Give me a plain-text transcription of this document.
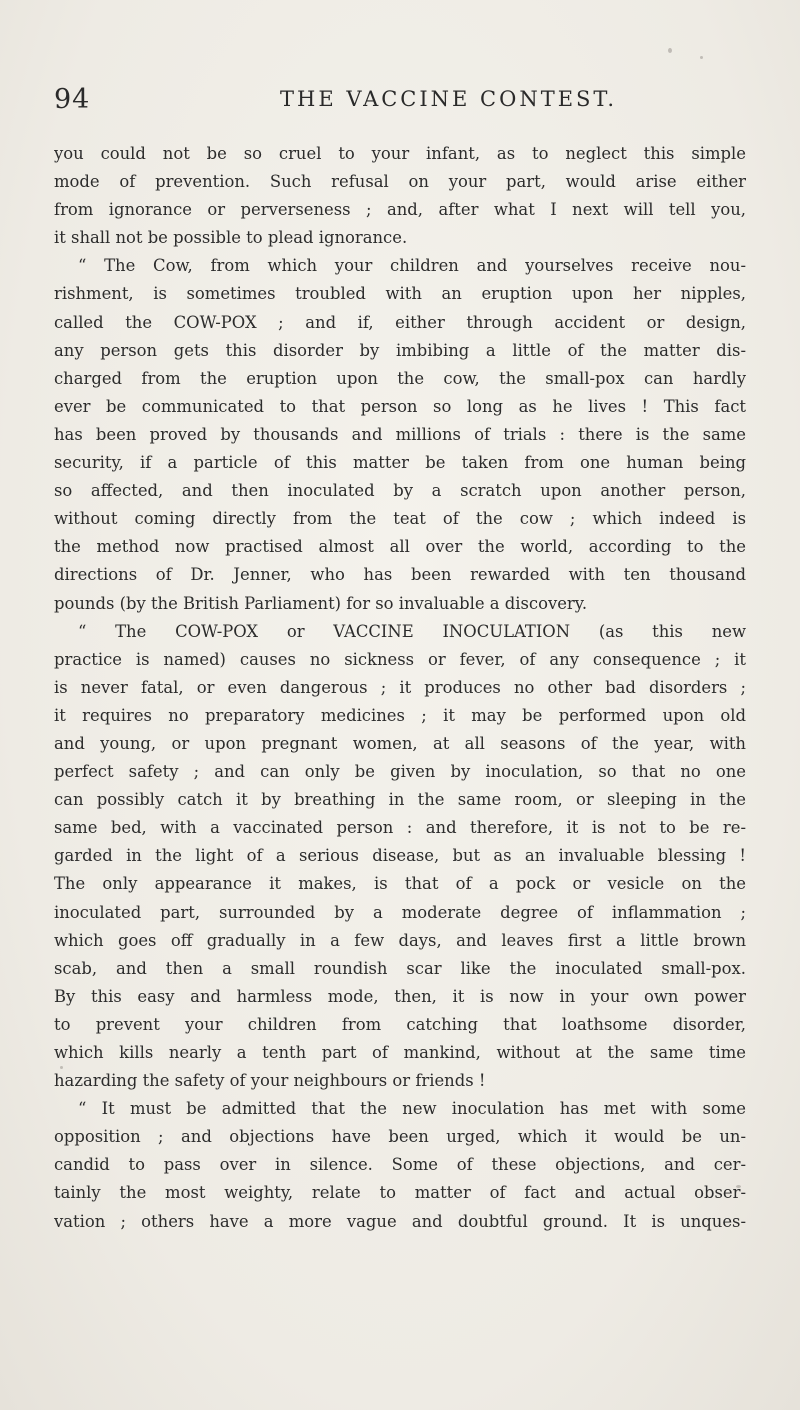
94	THE VACCINE CONTEST.
you could not be so cruel to your infant, as to neglect this simple
mode of prevention. Such refusal on your part, would arise either
from ignorance or perverseness ; and, after what I next will tell you,
it shall not be possible to plead ignorance.
“ The Cow, from which your children and yourselves receive nou-
rishment, is sometimes troubled with an eruption upon her nipples,
called the COW-POX ; and if, either through accident or design,
any person gets this disorder by imbibing a little of the matter dis-
charged from the eruption upon the cow, the small-pox can hardly
ever be communicated to that person so long as he lives ! This fact
has been proved by thousands and millions of trials : there is the same
security, if a particle of this matter be taken from one human being
so affected, and then inoculated by a scratch upon another person,
without coming directly from the teat of the cow ; which indeed is
the method now practised almost all over the world, according to the
directions of Dr. Jenner, who has been rewarded with ten thousand
pounds (by the British Parliament) for so invaluable a discovery.
“ The COW-POX or VACCINE INOCULATION (as this new
practice is named) causes no sickness or fever, of any consequence ; it
is never fatal, or even dangerous ; it produces no other bad disorders ;
it requires no preparatory medicines ; it may be performed upon old
and young, or upon pregnant women, at all seasons of the year, with
perfect safety ; and can only be given by inoculation, so that no one
can possibly catch it by breathing in the same room, or sleeping in the
same bed, with a vaccinated person : and therefore, it is not to be re-
garded in the light of a serious disease, but as an invaluable blessing !
The only appearance it makes, is that of a pock or vesicle on the
inoculated part, surrounded by a moderate degree of inflammation ;
which goes off gradually in a few days, and leaves first a little brown
scab, and then a small roundish scar like the inoculated small-pox.
By this easy and harmless mode, then, it is now in your own power
to prevent your children from catching that loathsome disorder,
which kills nearly a tenth part of mankind, without at the same time
hazarding the safety of your neighbours or friends !
“ It must be admitted that the new inoculation has met with some
opposition ; and objections have been urged, which it would be un-
candid to pass over in silence. Some of these objections, and cer-
tainly the most weighty, relate to matter of fact and actual obser-
vation ; others have a more vague and doubtful ground. It is unques-
